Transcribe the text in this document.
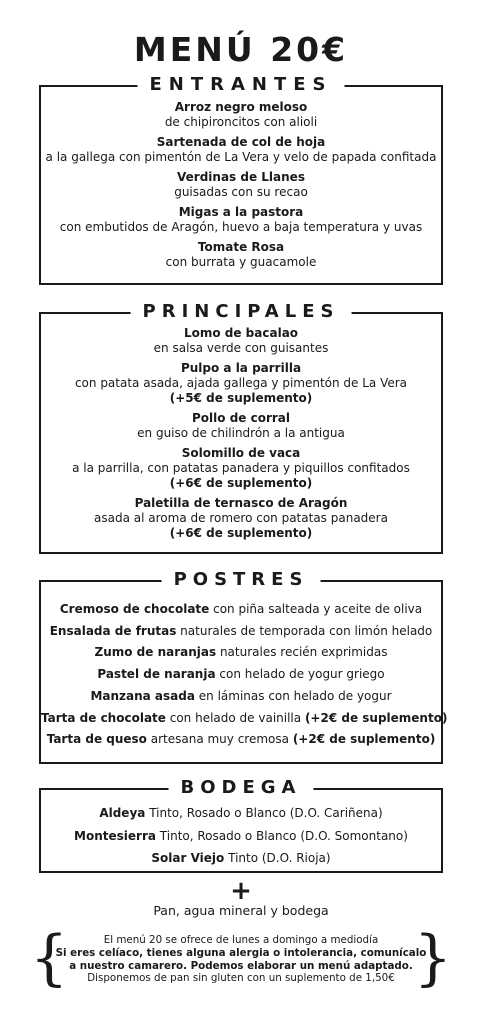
MENÚ 20€
ENTRANTES
Arroz negro meloso
de chipironcitos con alioli
Sartenada de col de hoja
a la gallega con pimentón de La Vera y velo de papada confitada
Verdinas de Llanes
guisadas con su recao
Migas a la pastora
con embutidos de Aragón, huevo a baja temperatura y uvas
Tomate Rosa
con burrata y guacamole
PRINCIPALES
Lomo de bacalao
en salsa verde con guisantes
Pulpo a la parrilla
con patata asada, ajada gallega y pimentón de La Vera
(+5€ de suplemento)
Pollo de corral
en guiso de chilindrón a la antigua
Solomillo de vaca
a la parrilla, con patatas panadera y piquillos confitados
(+6€ de suplemento)
Paletilla de ternasco de Aragón
asada al aroma de romero con patatas panadera
(+6€ de suplemento)
POSTRES
Cremoso de chocolate con piña salteada y aceite de oliva
Ensalada de frutas naturales de temporada con limón helado
Zumo de naranjas naturales recién exprimidas
Pastel de naranja con helado de yogur griego
Manzana asada en láminas con helado de yogur
Tarta de chocolate con helado de vainilla (+2€ de suplemento)
Tarta de queso artesana muy cremosa (+2€ de suplemento)
BODEGA
Aldeya Tinto, Rosado o Blanco (D.O. Cariñena)
Montesierra Tinto, Rosado o Blanco (D.O. Somontano)
Solar Viejo Tinto (D.O. Rioja)
+
Pan, agua mineral y bodega
{	El menú 20 se ofrece de lunes a domingo a mediodía
Si eres celíaco, tienes alguna alergia o intolerancia, comunícalo
a nuestro camarero. Podemos elaborar un menú adaptado.
Disponemos de pan sin gluten con un suplemento de 1,50€ }
